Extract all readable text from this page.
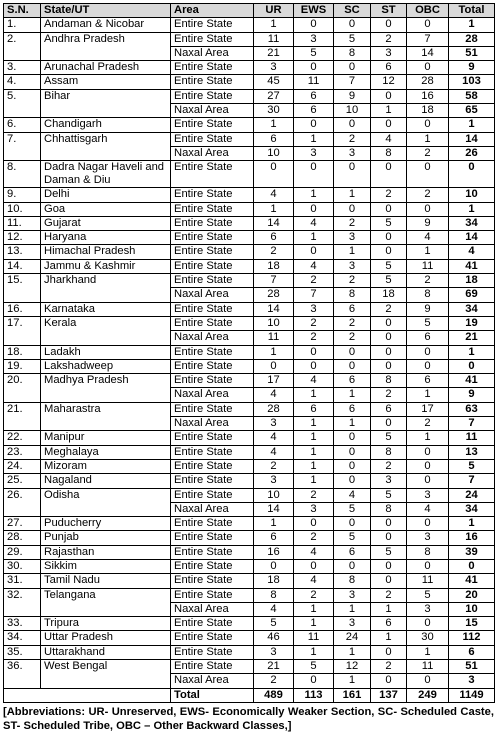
S.N.	State/UT	Area	UR	EWS	SC	ST	OBC	Total
1.	Andaman & Nicobar	Entire State	1	0	0	0	0	1
2.	Andhra Pradesh	Entire State	11	3	5	2	7	28
		Naxal Area	21	5	8	3	14	51
3.	Arunachal Pradesh	Entire State	3	0	0	6	0	9
4.	Assam	Entire State	45	11	7	12	28	103
5.	Bihar	Entire State	27	6	9	0	16	58
		Naxal Area	30	6	10	1	18	65
6.	Chandigarh	Entire State	1	0	0	0	0	1
7.	Chhattisgarh	Entire State	6	1	2	4	1	14
		Naxal Area	10	3	3	8	2	26
8.	Dadra Nagar Haveli and Daman & Diu	Entire State	0	0	0	0	0	0
9.	Delhi	Entire State	4	1	1	2	2	10
10.	Goa	Entire State	1	0	0	0	0	1
11.	Gujarat	Entire State	14	4	2	5	9	34
12.	Haryana	Entire State	6	1	3	0	4	14
13.	Himachal Pradesh	Entire State	2	0	1	0	1	4
14.	Jammu & Kashmir	Entire State	18	4	3	5	11	41
15.	Jharkhand	Entire State	7	2	2	5	2	18
		Naxal Area	28	7	8	18	8	69
16.	Karnataka	Entire State	14	3	6	2	9	34
17.	Kerala	Entire State	10	2	2	0	5	19
		Naxal Area	11	2	2	0	6	21
18.	Ladakh	Entire State	1	0	0	0	0	1
19.	Lakshadweep	Entire State	0	0	0	0	0	0
20.	Madhya Pradesh	Entire State	17	4	6	8	6	41
		Naxal Area	4	1	1	2	1	9
21.	Maharastra	Entire State	28	6	6	6	17	63
		Naxal Area	3	1	1	0	2	7
22.	Manipur	Entire State	4	1	0	5	1	11
23.	Meghalaya	Entire State	4	1	0	8	0	13
24.	Mizoram	Entire State	2	1	0	2	0	5
25.	Nagaland	Entire State	3	1	0	3	0	7
26.	Odisha	Entire State	10	2	4	5	3	24
		Naxal Area	14	3	5	8	4	34
27.	Puducherry	Entire State	1	0	0	0	0	1
28.	Punjab	Entire State	6	2	5	0	3	16
29.	Rajasthan	Entire State	16	4	6	5	8	39
30.	Sikkim	Entire State	0	0	0	0	0	0
31.	Tamil Nadu	Entire State	18	4	8	0	11	41
32.	Telangana	Entire State	8	2	3	2	5	20
		Naxal Area	4	1	1	1	3	10
33.	Tripura	Entire State	5	1	3	6	0	15
34.	Uttar Pradesh	Entire State	46	11	24	1	30	112
35.	Uttarakhand	Entire State	3	1	1	0	1	6
36.	West Bengal	Entire State	21	5	12	2	11	51
		Naxal Area	2	0	1	0	0	3
		Total	489	113	161	137	249	1149
[Abbreviations: UR- Unreserved, EWS- Economically Weaker Section, SC- Scheduled Caste, ST- Scheduled Tribe, OBC – Other Backward Classes,]
